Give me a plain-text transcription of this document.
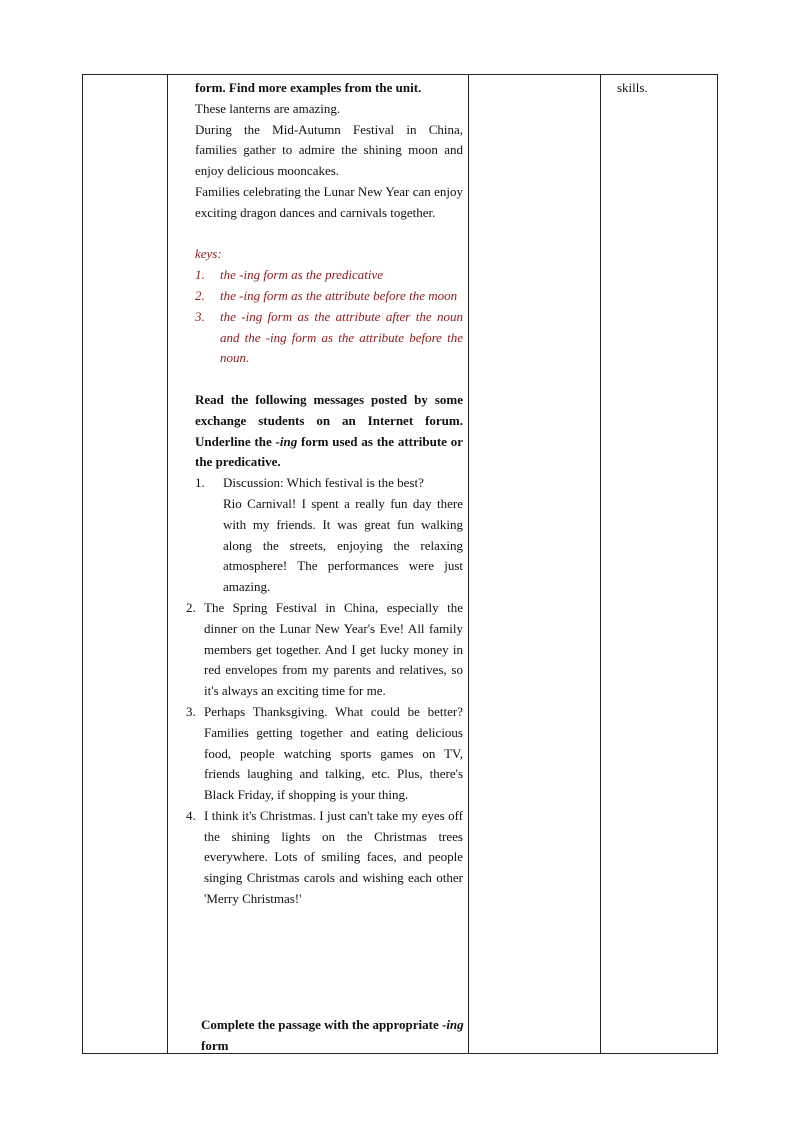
form. Find more examples from the unit.

These lanterns are amazing.

During the Mid-Autumn Festival in China, families gather to admire the shining moon and enjoy delicious mooncakes.

Families celebrating the Lunar New Year can enjoy exciting dragon dances and carnivals together.

keys:

1. the -ing form as the predicative
2. the -ing form as the attribute before the moon
3. the -ing form as the attribute after the noun and the -ing form as the attribute before the noun.

Read the following messages posted by some exchange students on an Internet forum. Underline the -ing form used as the attribute or the predicative.

1. Discussion: Which festival is the best?
Rio Carnival! I spent a really fun day there with my friends. It was great fun walking along the streets, enjoying the relaxing atmosphere! The performances were just amazing.
2. The Spring Festival in China, especially the dinner on the Lunar New Year's Eve! All family members get together. And I get lucky money in red envelopes from my parents and relatives, so it's always an exciting time for me.
3. Perhaps Thanksgiving. What could be better? Families getting together and eating delicious food, people watching sports games on TV, friends laughing and talking, etc. Plus, there's Black Friday, if shopping is your thing.
4. I think it's Christmas. I just can't take my eyes off the shining lights on the Christmas trees everywhere. Lots of smiling faces, and people singing Christmas carols and wishing each other 'Merry Christmas!'
Complete the passage with the appropriate -ing form
skills.
